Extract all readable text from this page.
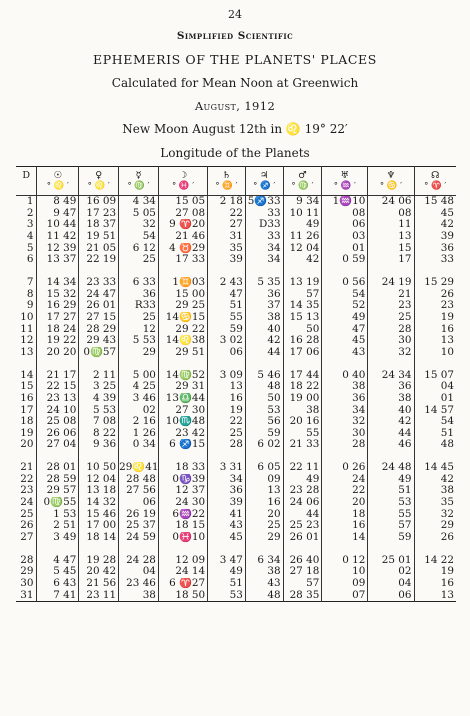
24
Simplified Scientific
EPHEMERIS OF THE PLANETS' PLACES
Calculated for Mean Noon at Greenwich
August, 1912
New Moon August 12th in ♌ 19° 22′
Longitude of the Planets
D	☉	♀	☿	☽	♄	♃	♂	♅	♆	☊
	° ♌ ′	° ♌ ′	° ♍ ′	° ♓ ′	° ♊ ′	° ♐ ′	° ♍ ′	° ♒ ′	° ♋ ′	° ♈ ′
1	8 49	16 09	4 34	15 05	2 18	5♐33	9 34	1♒10	24 06	15 48
2	9 47	17 23	5 05	27 08	22	33	10 11	08	08	45
3	10 44	18 37	32	9 ♈20	27	D33	49	06	11	42
4	11 42	19 51	54	21 46	31	33	11 26	03	13	39
5	12 39	21 05	6 12	4 ♉29	35	34	12 04	01	15	36
6	13 37	22 19	25	17 33	39	34	42	0 59	17	33

7	14 34	23 33	6 33	1♊03	2 43	5 35	13 19	0 56	24 19	15 29
8	15 32	24 47	36	15 00	47	36	57	54	21	26
9	16 29	26 01	R33	29 25	51	37	14 35	52	23	23
10	17 27	27 15	25	14♋15	55	38	15 13	49	25	19
11	18 24	28 29	12	29 22	59	40	50	47	28	16
12	19 22	29 43	5 53	14♌38	3 02	42	16 28	45	30	13
13	20 20	0♍57	29	29 51	06	44	17 06	43	32	10

14	21 17	2 11	5 00	14♍52	3 09	5 46	17 44	0 40	24 34	15 07
15	22 15	3 25	4 25	29 31	13	48	18 22	38	36	04
16	23 13	4 39	3 46	13♎44	16	50	19 00	36	38	01
17	24 10	5 53	02	27 30	19	53	38	34	40	14 57
18	25 08	7 08	2 16	10♏48	22	56	20 16	32	42	54
19	26 06	8 22	1 26	23 42	25	59	55	30	44	51
20	27 04	9 36	0 34	6 ♐15	28	6 02	21 33	28	46	48

21	28 01	10 50	29♌41	18 33	3 31	6 05	22 11	0 26	24 48	14 45
22	28 59	12 04	28 48	0♑39	34	09	49	24	49	42
23	29 57	13 18	27 56	12 37	36	13	23 28	22	51	38
24	0♍55	14 32	06	24 30	39	16	24 06	20	53	35
25	1 53	15 46	26 19	6♒22	41	20	44	18	55	32
26	2 51	17 00	25 37	18 15	43	25	25 23	16	57	29
27	3 49	18 14	24 59	0♓10	45	29	26 01	14	59	26

28	4 47	19 28	24 28	12 09	3 47	6 34	26 40	0 12	25 01	14 22
29	5 45	20 42	04	24 14	49	38	27 18	10	02	19
30	6 43	21 56	23 46	6 ♈27	51	43	57	09	04	16
31	7 41	23 11	38	18 50	53	48	28 35	07	06	13
